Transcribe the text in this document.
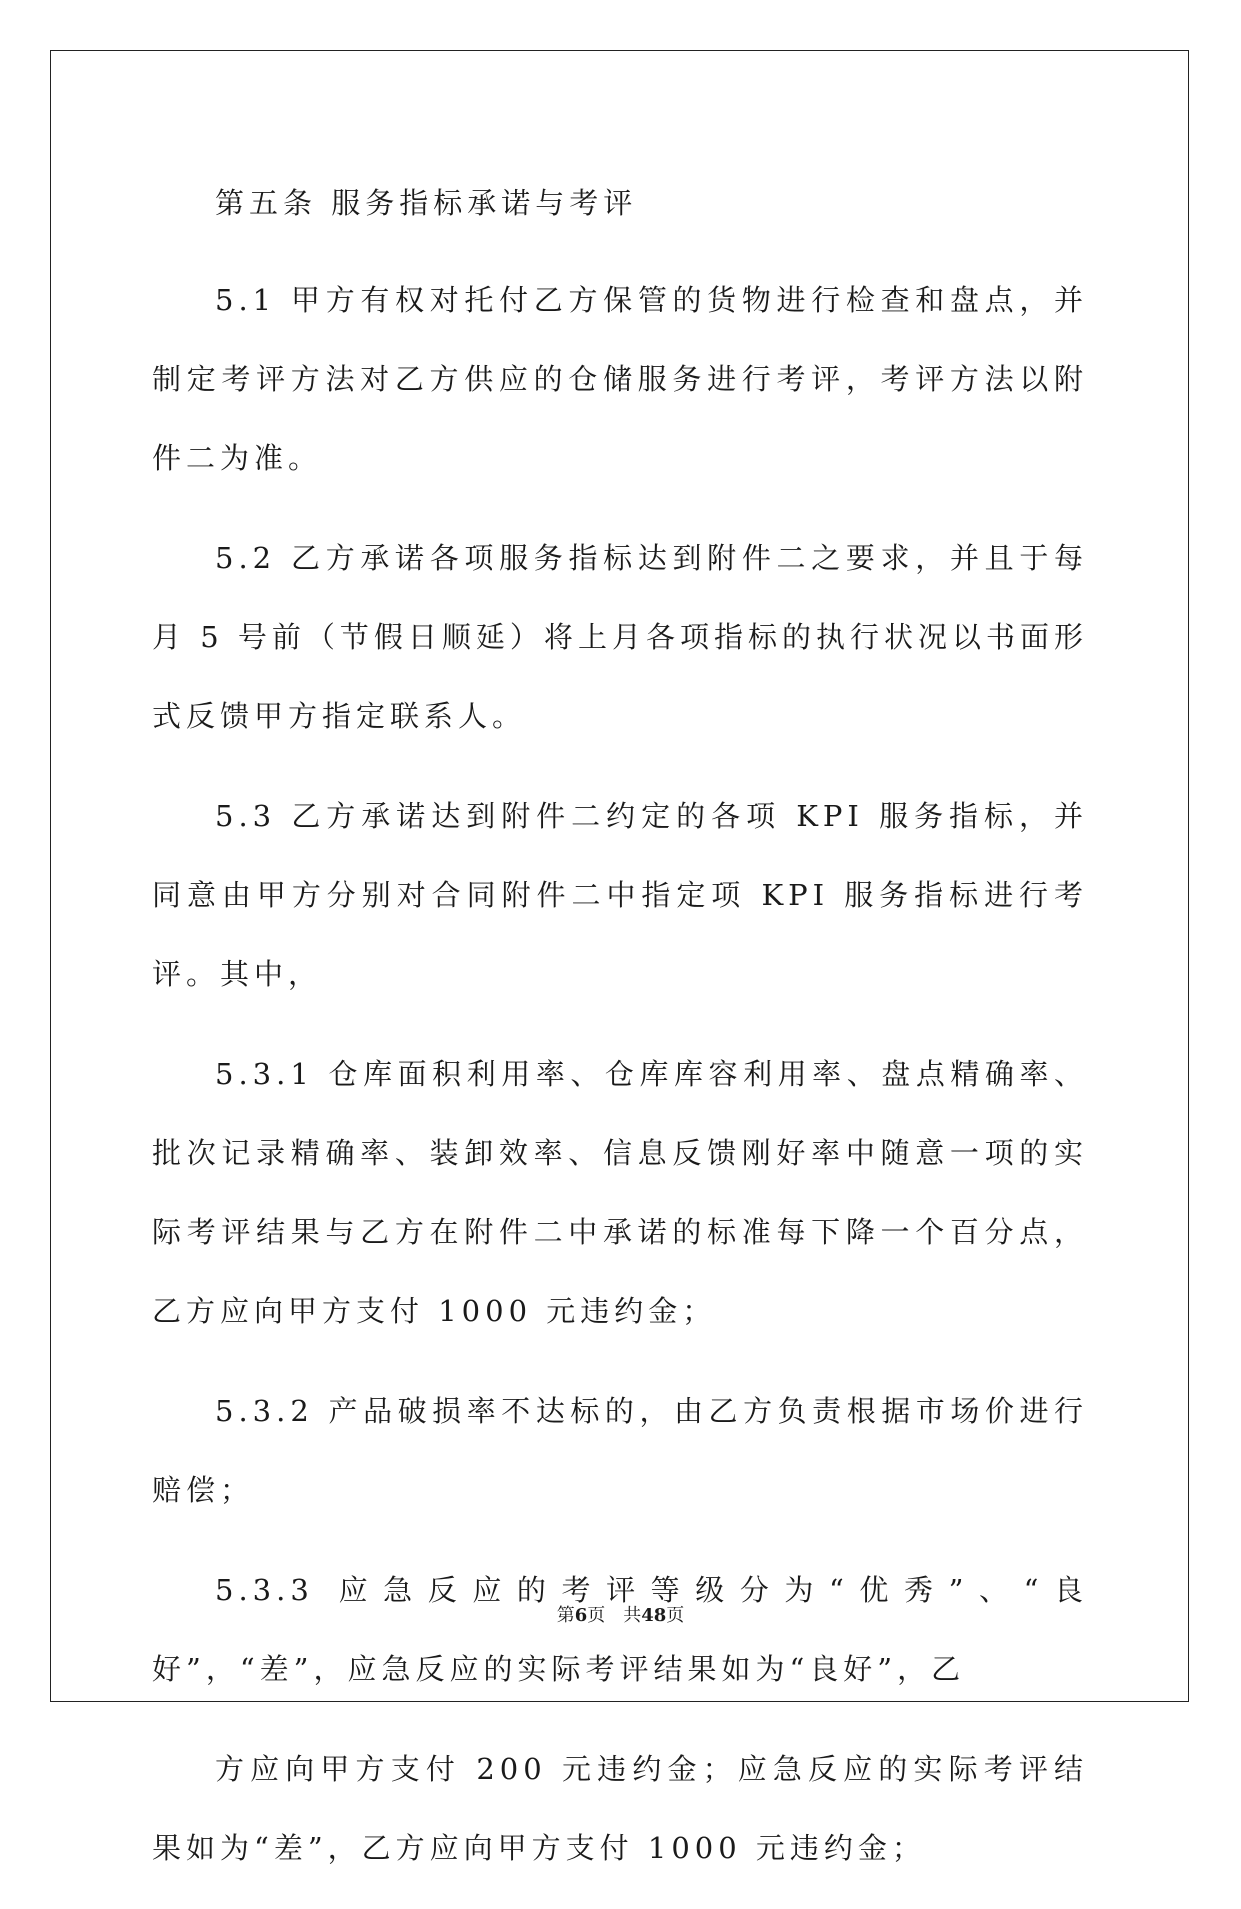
第五条 服务指标承诺与考评

5.1 甲方有权对托付乙方保管的货物进行检查和盘点，并制定考评方法对乙方供应的仓储服务进行考评，考评方法以附件二为准。

5.2 乙方承诺各项服务指标达到附件二之要求，并且于每月 5 号前（节假日顺延）将上月各项指标的执行状况以书面形式反馈甲方指定联系人。

5.3 乙方承诺达到附件二约定的各项 KPI 服务指标，并同意由甲方分别对合同附件二中指定项 KPI 服务指标进行考评。其中，

5.3.1 仓库面积利用率、仓库库容利用率、盘点精确率、批次记录精确率、装卸效率、信息反馈刚好率中随意一项的实际考评结果与乙方在附件二中承诺的标准每下降一个百分点，乙方应向甲方支付 1000 元违约金；

5.3.2 产品破损率不达标的，由乙方负责根据市场价进行赔偿；

5.3.3 应急反应的考评等级分为“优秀”、“良好”，“差”，应急反应的实际考评结果如为“良好”，乙

方应向甲方支付 200 元违约金；应急反应的实际考评结果如为“差”，乙方应向甲方支付 1000 元违约金；

第6页　共48页
